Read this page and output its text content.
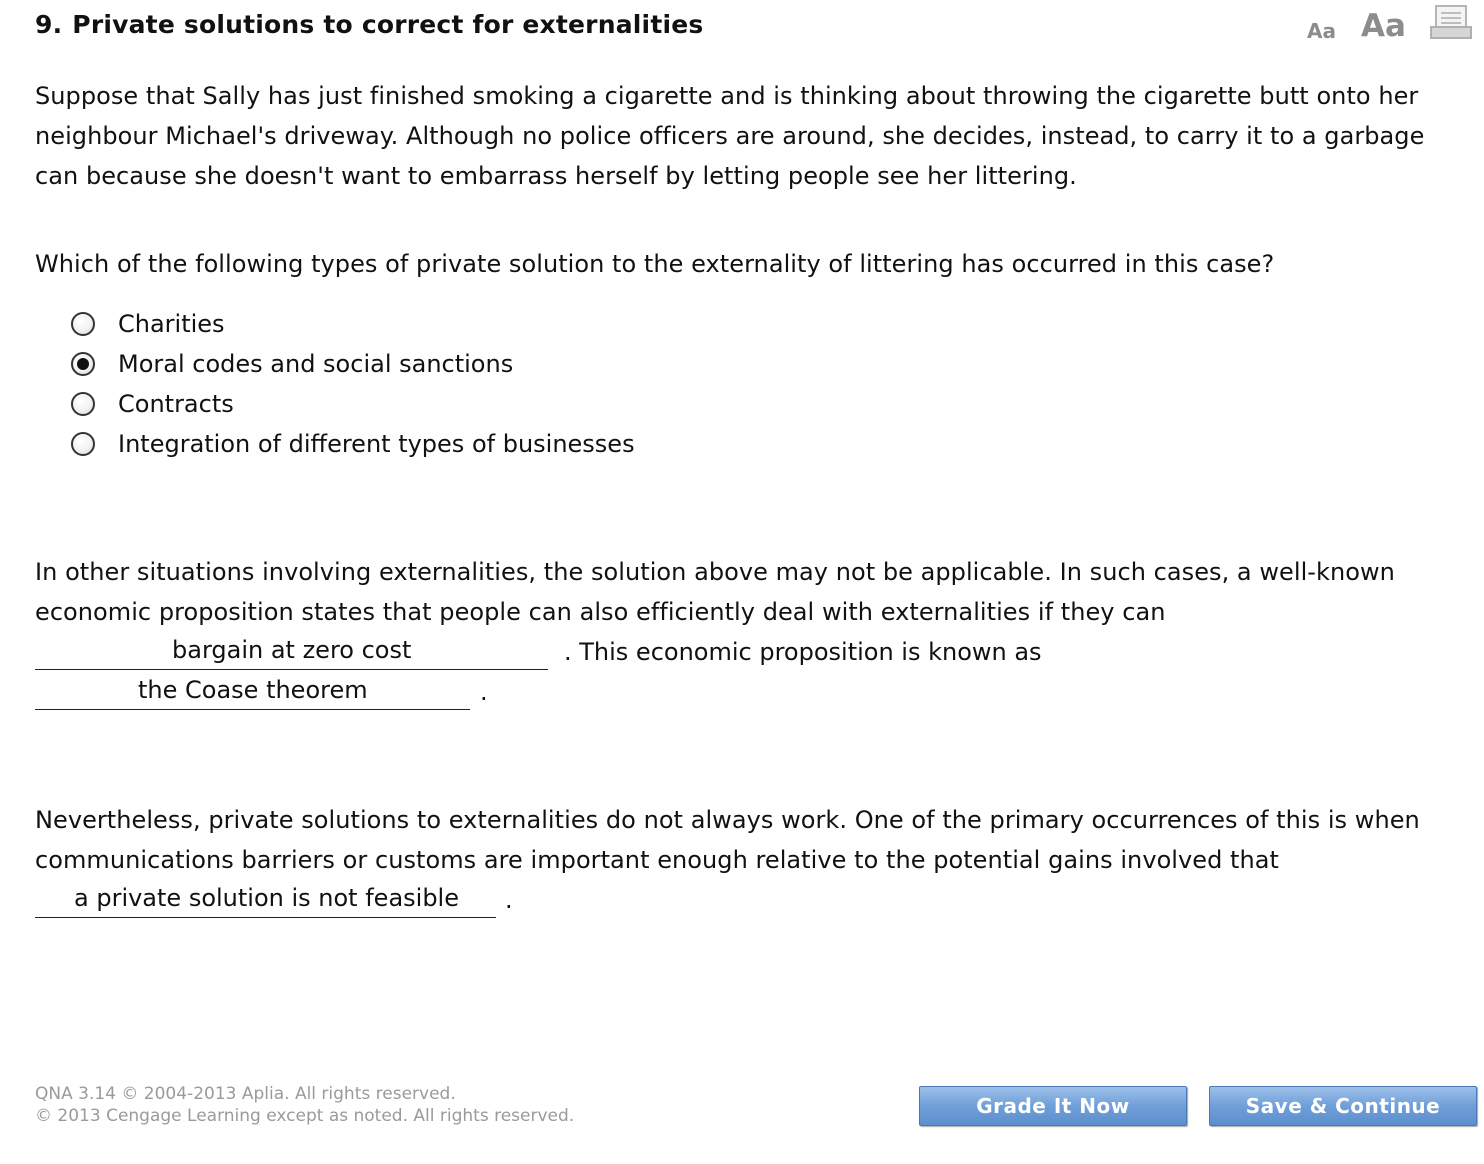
9. Private solutions to correct for externalities	Aa Aa
Suppose that Sally has just finished smoking a cigarette and is thinking about throwing the cigarette butt onto her
neighbour Michael's driveway. Although no police officers are around, she decides, instead, to carry it to a garbage
can because she doesn't want to embarrass herself by letting people see her littering.
Which of the following types of private solution to the externality of littering has occurred in this case?
Charities
Moral codes and social sanctions
Contracts
Integration of different types of businesses
In other situations involving externalities, the solution above may not be applicable. In such cases, a well-known
economic proposition states that people can also efficiently deal with externalities if they can
bargain at zero cost	. This economic proposition is known as
the Coase theorem	.
Nevertheless, private solutions to externalities do not always work. One of the primary occurrences of this is when
communications barriers or customs are important enough relative to the potential gains involved that
a private solution is not feasible .
QNA 3.14 © 2004-2013 Aplia. All rights reserved.
© 2013 Cengage Learning except as noted. All rights reserved.	Grade It Now	Save & Continue
